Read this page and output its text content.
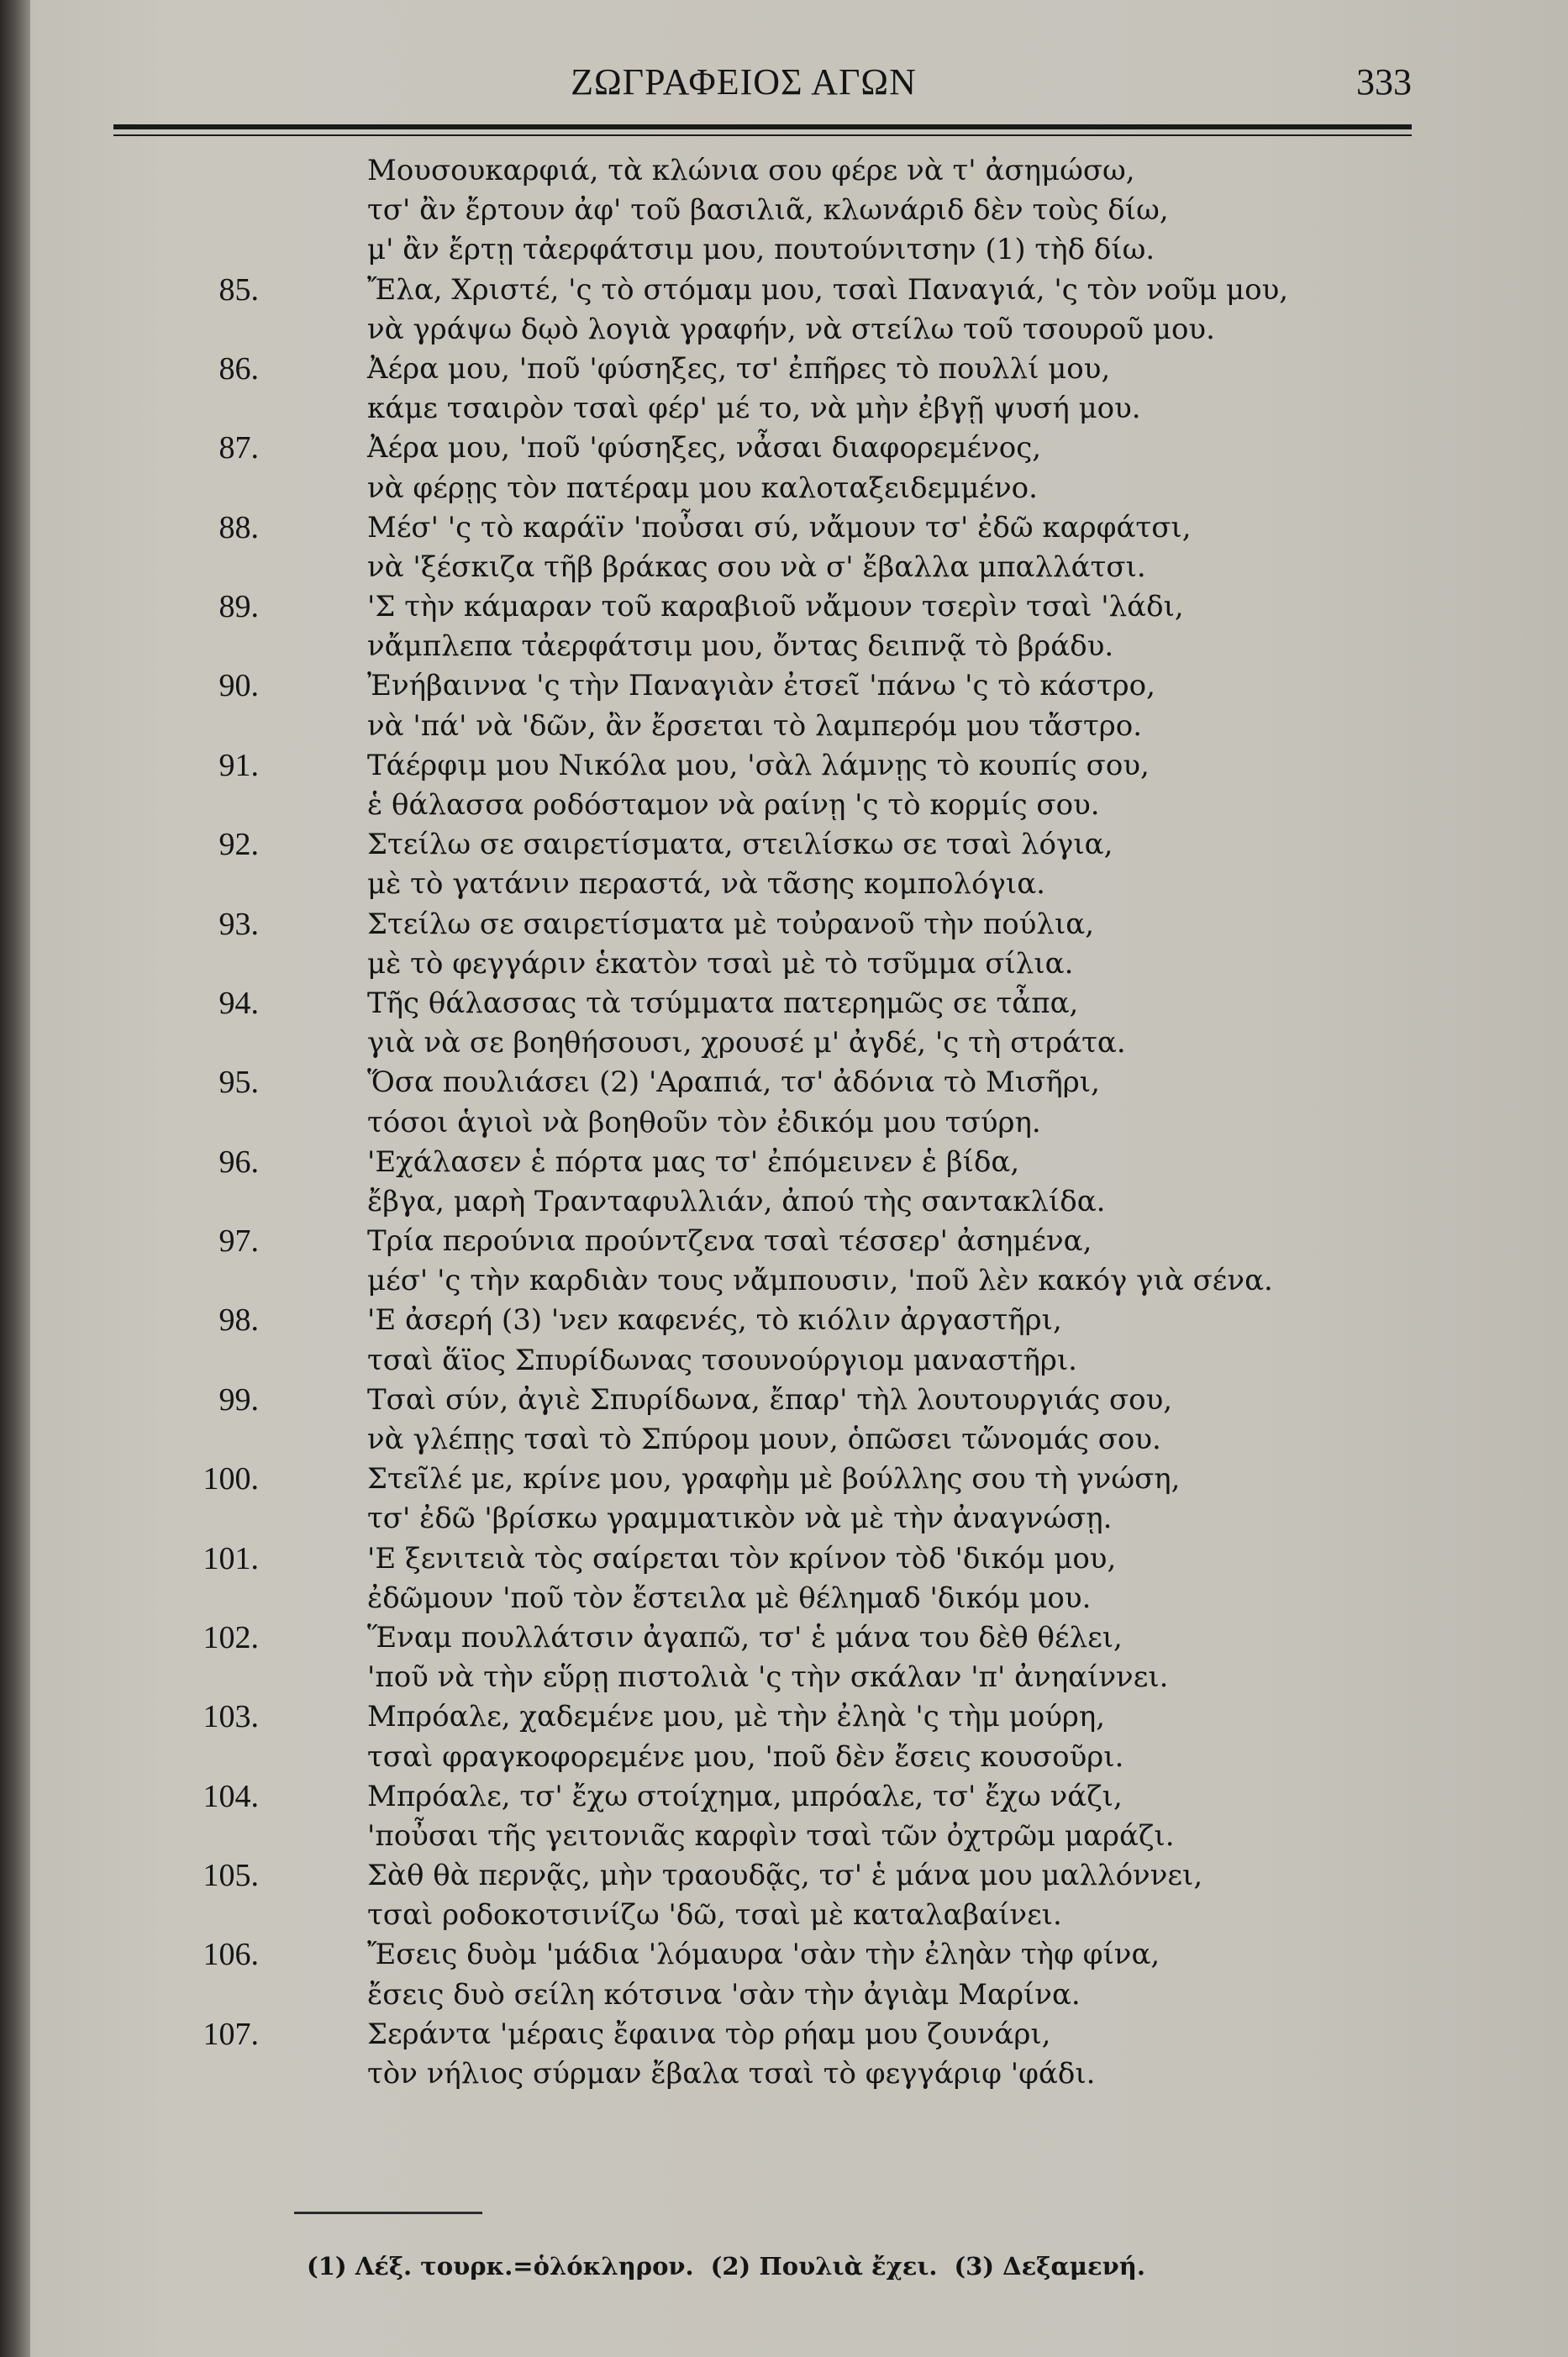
ΖΩΓΡΑΦΕΙΟΣ ΑΓΩΝ	333
Μουσουκαρφιά, τὰ κλώνια σου φέρε νὰ τ' ἀσημώσω,
τσ' ἂν ἔρτουν ἀφ' τοῦ βασιλιᾶ, κλωνάριδ δὲν τοὺς δίω,
μ' ἂν ἔρτῃ τἀερφάτσιμ μου, πουτούνιτσην (1) τὴδ δίω.
85.	Ἔλα, Χριστέ, 'ς τὸ στόμαμ μου, τσαὶ Παναγιά, 'ς τὸν νοῦμ μου,
νὰ γράψω δῳὸ λογιὰ γραφήν, νὰ στείλω τοῦ τσουροῦ μου.
86.	Ἀέρα μου, 'ποῦ 'φύσηξες, τσ' ἐπῆρες τὸ πουλλί μου,
κάμε τσαιρὸν τσαὶ φέρ' μέ το, νὰ μὴν ἐβγῇ ψυσή μου.
87.	Ἀέρα μου, 'ποῦ 'φύσηξες, νἆσαι διαφορεμένος,
νὰ φέρῃς τὸν πατέραμ μου καλοταξειδεμμένο.
88.	Μέσ' 'ς τὸ καράϊν 'ποὖσαι σύ, νἄμουν τσ' ἐδῶ καρφάτσι,
νὰ 'ξέσκιζα τῆβ βράκας σου νὰ σ' ἔβαλλα μπαλλάτσι.
89.	'Σ τὴν κάμαραν τοῦ καραβιοῦ νἄμουν τσερὶν τσαὶ 'λάδι,
νἄμπλεπα τἀερφάτσιμ μου, ὄντας δειπνᾷ τὸ βράδυ.
90.	Ἐνήβαιννα 'ς τὴν Παναγιὰν ἐτσεῖ 'πάνω 'ς τὸ κάστρο,
νὰ 'πά' νὰ 'δῶν, ἂν ἔρσεται τὸ λαμπερόμ μου τἄστρο.
91.	Τάέρφιμ μου Νικόλα μου, 'σὰλ λάμνῃς τὸ κουπίς σου,
ἑ θάλασσα ροδόσταμον νὰ ραίνῃ 'ς τὸ κορμίς σου.
92.	Στείλω σε σαιρετίσματα, στειλίσκω σε τσαὶ λόγια,
μὲ τὸ γατάνιν περαστά, νὰ τᾶσης κομπολόγια.
93.	Στείλω σε σαιρετίσματα μὲ τοὐρανοῦ τὴν πούλια,
μὲ τὸ φεγγάριν ἑκατὸν τσαὶ μὲ τὸ τσῦμμα σίλια.
94.	Τῆς θάλασσας τὰ τσύμματα πατερημῶς σε τἆπα,
γιὰ νὰ σε βοηθήσουσι, χρουσέ μ' ἀγδέ, 'ς τὴ στράτα.
95.	Ὅσα πουλιάσει (2) 'Αραπιά, τσ' ἀδόνια τὸ Μισῆρι,
τόσοι ἁγιοὶ νὰ βοηθοῦν τὸν ἐδικόμ μου τσύρη.
96.	'Εχάλασεν ἑ πόρτα μας τσ' ἐπόμεινεν ἑ βίδα,
ἔβγα, μαρὴ Τρανταφυλλιάν, ἀπού τὴς σαντακλίδα.
97.	Τρία περούνια προύντζενα τσαὶ τέσσερ' ἀσημένα,
μέσ' 'ς τὴν καρδιὰν τους νἄμπουσιν, 'ποῦ λὲν κακόγ γιὰ σένα.
98.	'Ε ἀσερή (3) 'νεν καφενές, τὸ κιόλιν ἀργαστῆρι,
τσαὶ ἅϊος Σπυρίδωνας τσουνούργιομ μαναστῆρι.
99.	Τσαὶ σύν, ἀγιὲ Σπυρίδωνα, ἔπαρ' τὴλ λουτουργιάς σου,
νὰ γλέπῃς τσαὶ τὸ Σπύρομ μουν, ὁπῶσει τὤνομάς σου.
100.	Στεῖλέ με, κρίνε μου, γραφὴμ μὲ βούλλης σου τὴ γνώση,
τσ' ἐδῶ 'βρίσκω γραμματικὸν νὰ μὲ τὴν ἀναγνώσῃ.
101.	'Ε ξενιτειὰ τὸς σαίρεται τὸν κρίνον τὸδ 'δικόμ μου,
ἐδῶμουν 'ποῦ τὸν ἔστειλα μὲ θέλημαδ 'δικόμ μου.
102.	Ἕναμ πουλλάτσιν ἀγαπῶ, τσ' ἑ μάνα του δὲθ θέλει,
'ποῦ νὰ τὴν εὕρῃ πιστολιὰ 'ς τὴν σκάλαν 'π' ἀνηαίννει.
103.	Μπρόαλε, χαδεμένε μου, μὲ τὴν ἐληὰ 'ς τὴμ μούρη,
τσαὶ φραγκοφορεμένε μου, 'ποῦ δὲν ἔσεις κουσοῦρι.
104.	Μπρόαλε, τσ' ἔχω στοίχημα, μπρόαλε, τσ' ἔχω νάζι,
'ποὖσαι τῆς γειτονιᾶς καρφὶν τσαὶ τῶν ὀχτρῶμ μαράζι.
105.	Σὰθ θὰ περνᾷς, μὴν τραουδᾷς, τσ' ἑ μάνα μου μαλλόννει,
τσαὶ ροδοκοτσινίζω 'δῶ, τσαὶ μὲ καταλαβαίνει.
106.	Ἔσεις δυὸμ 'μάδια 'λόμαυρα 'σὰν τὴν ἐληὰν τὴφ φίνα,
ἔσεις δυὸ σείλη κότσινα 'σὰν τὴν ἀγιὰμ Μαρίνα.
107.	Σεράντα 'μέραις ἔφαινα τὸρ ρήαμ μου ζουνάρι,
τὸν νήλιος σύρμαν ἔβαλα τσαὶ τὸ φεγγάριφ 'φάδι.
(1) Λέξ. τουρκ.=ὁλόκληρον. (2) Πουλιὰ ἔχει. (3) Δεξαμενή.
